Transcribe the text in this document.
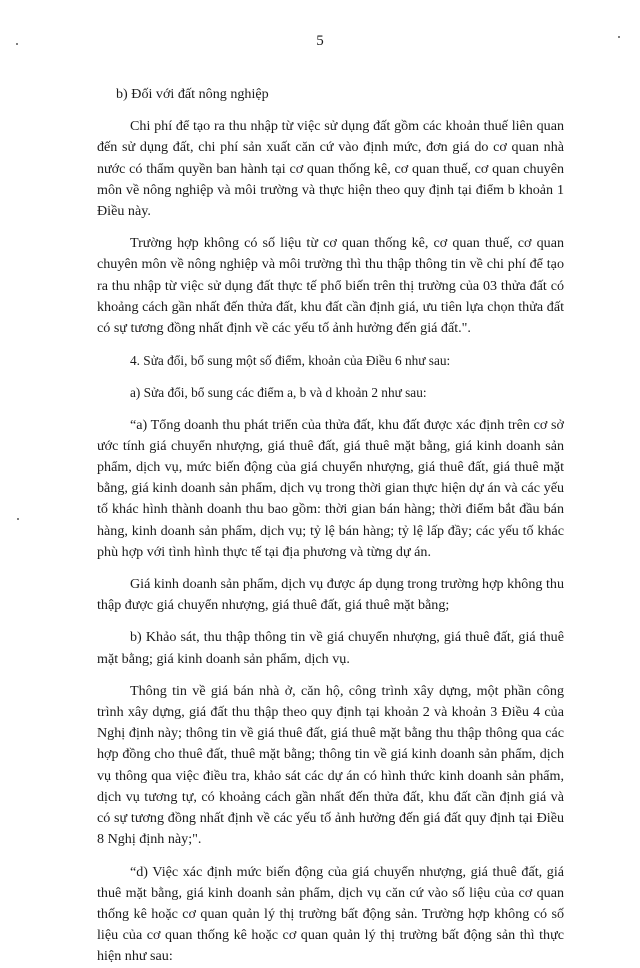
5

b) Đối với đất nông nghiệp

Chi phí để tạo ra thu nhập từ việc sử dụng đất gồm các khoản thuế liên quan đến sử dụng đất, chi phí sản xuất căn cứ vào định mức, đơn giá do cơ quan nhà nước có thẩm quyền ban hành tại cơ quan thống kê, cơ quan thuế, cơ quan chuyên môn về nông nghiệp và môi trường và thực hiện theo quy định tại điểm b khoản 1 Điều này.

Trường hợp không có số liệu từ cơ quan thống kê, cơ quan thuế, cơ quan chuyên môn về nông nghiệp và môi trường thì thu thập thông tin về chi phí để tạo ra thu nhập từ việc sử dụng đất thực tế phổ biến trên thị trường của 03 thửa đất có khoảng cách gần nhất đến thửa đất, khu đất cần định giá, ưu tiên lựa chọn thửa đất có sự tương đồng nhất định về các yếu tố ảnh hưởng đến giá đất.".

4. Sửa đổi, bổ sung một số điểm, khoản của Điều 6 như sau:

a) Sửa đổi, bổ sung các điểm a, b và d khoản 2 như sau:

“a) Tổng doanh thu phát triển của thửa đất, khu đất được xác định trên cơ sở ước tính giá chuyển nhượng, giá thuê đất, giá thuê mặt bằng, giá kinh doanh sản phẩm, dịch vụ, mức biến động của giá chuyển nhượng, giá thuê đất, giá thuê mặt bằng, giá kinh doanh sản phẩm, dịch vụ trong thời gian thực hiện dự án và các yếu tố khác hình thành doanh thu bao gồm: thời gian bán hàng; thời điểm bắt đầu bán hàng, kinh doanh sản phẩm, dịch vụ; tỷ lệ bán hàng; tỷ lệ lấp đầy; các yếu tố khác phù hợp với tình hình thực tế tại địa phương và từng dự án.

Giá kinh doanh sản phẩm, dịch vụ được áp dụng trong trường hợp không thu thập được giá chuyển nhượng, giá thuê đất, giá thuê mặt bằng;

b) Khảo sát, thu thập thông tin về giá chuyển nhượng, giá thuê đất, giá thuê mặt bằng; giá kinh doanh sản phẩm, dịch vụ.

Thông tin về giá bán nhà ở, căn hộ, công trình xây dựng, một phần công trình xây dựng, giá đất thu thập theo quy định tại khoản 2 và khoản 3 Điều 4 của Nghị định này; thông tin về giá thuê đất, giá thuê mặt bằng thu thập thông qua các hợp đồng cho thuê đất, thuê mặt bằng; thông tin về giá kinh doanh sản phẩm, dịch vụ thông qua việc điều tra, khảo sát các dự án có hình thức kinh doanh sản phẩm, dịch vụ tương tự, có khoảng cách gần nhất đến thửa đất, khu đất cần định giá và có sự tương đồng nhất định về các yếu tố ảnh hưởng đến giá đất quy định tại Điều 8 Nghị định này;".

“d) Việc xác định mức biến động của giá chuyển nhượng, giá thuê đất, giá thuê mặt bằng, giá kinh doanh sản phẩm, dịch vụ căn cứ vào số liệu của cơ quan thống kê hoặc cơ quan quản lý thị trường bất động sản. Trường hợp không có số liệu của cơ quan thống kê hoặc cơ quan quản lý thị trường bất động sản thì thực hiện như sau:
